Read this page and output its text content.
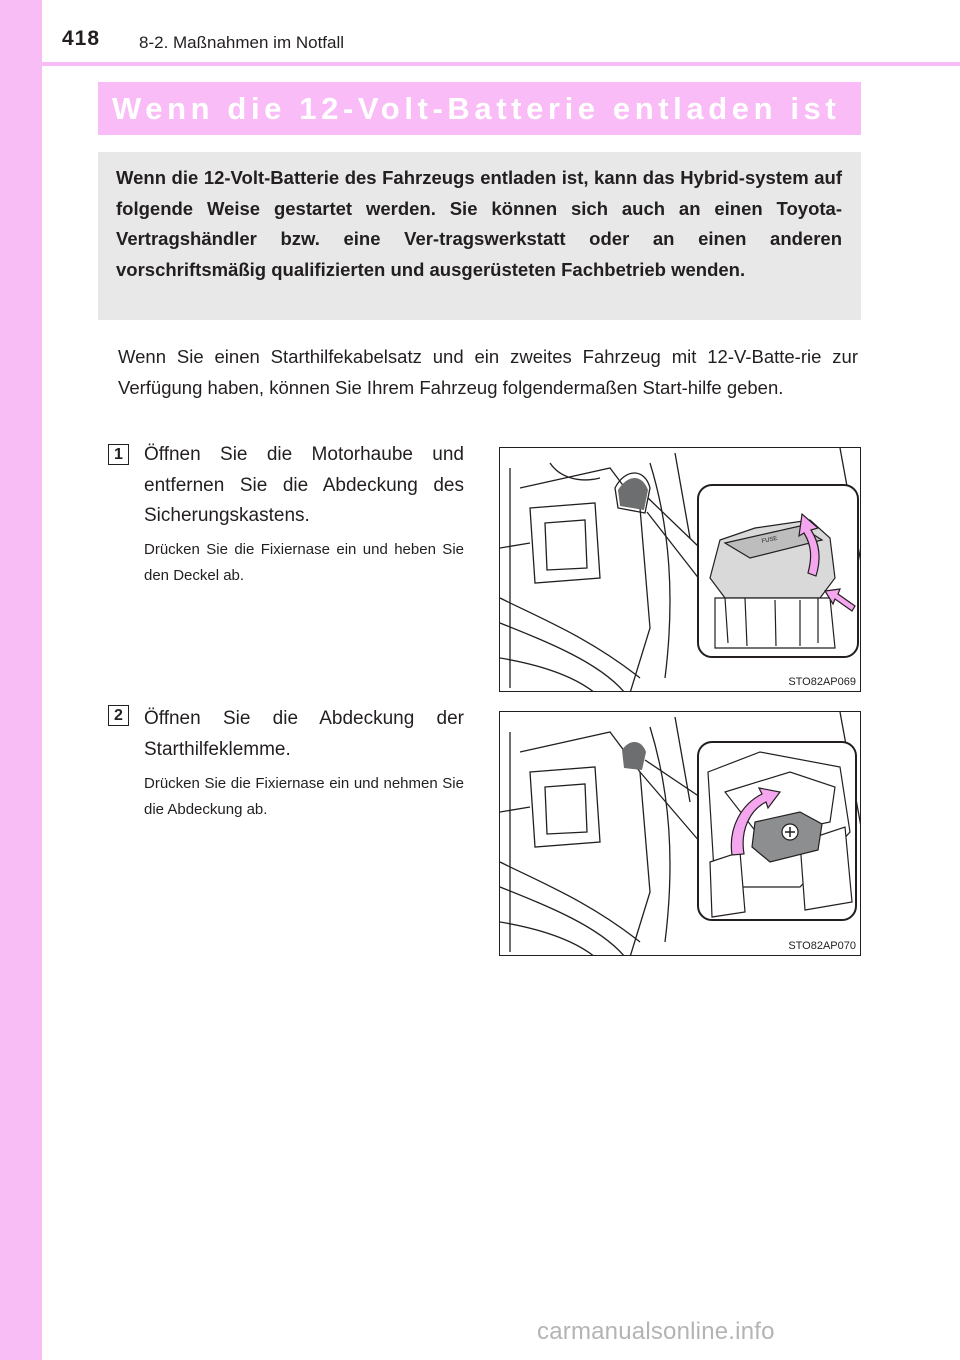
418 8-2. Maßnahmen im Notfall
Wenn die 12-Volt-Batterie entladen ist
Wenn die 12-Volt-Batterie des Fahrzeugs entladen ist, kann das Hybrid-system auf folgende Weise gestartet werden. Sie können sich auch an einen Toyota-Vertragshändler bzw. eine Ver-tragswerkstatt oder an einen anderen vorschriftsmäßig qualifizierten und ausgerüsteten Fachbetrieb wenden.
Wenn Sie einen Starthilfekabelsatz und ein zweites Fahrzeug mit 12-V-Batte-rie zur Verfügung haben, können Sie Ihrem Fahrzeug folgendermaßen Start-hilfe geben.
1	Öffnen Sie die Motorhaube und entfernen Sie die Abdeckung des Sicherungskastens.
Drücken Sie die Fixiernase ein und heben Sie den Deckel ab.
FUSE
STO82AP069
2	Öffnen Sie die Abdeckung der Starthilfeklemme.
Drücken Sie die Fixiernase ein und nehmen Sie die Abdeckung ab.
STO82AP070
carmanualsonline.info
